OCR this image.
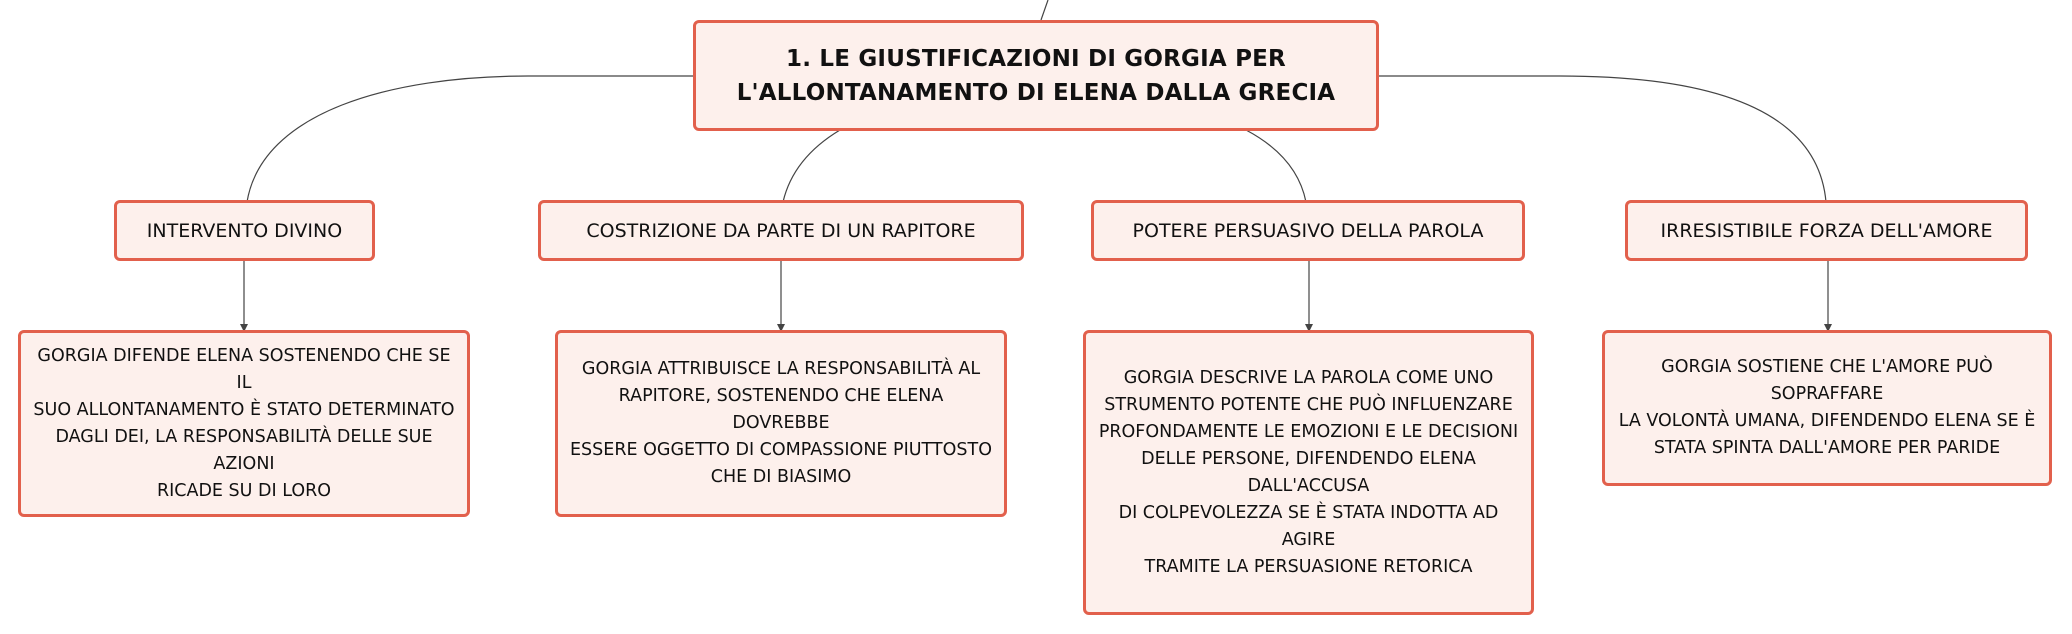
1. LE GIUSTIFICAZIONI DI GORGIA PER
L'ALLONTANAMENTO DI ELENA DALLA GRECIA
INTERVENTO DIVINO	COSTRIZIONE DA PARTE DI UN RAPITORE	POTERE PERSUASIVO DELLA PAROLA	IRRESISTIBILE FORZA DELL'AMORE
GORGIA DIFENDE ELENA SOSTENENDO CHE SE IL
SUO ALLONTANAMENTO È STATO DETERMINATO
DAGLI DEI, LA RESPONSABILITÀ DELLE SUE AZIONI
RICADE SU DI LORO
GORGIA ATTRIBUISCE LA RESPONSABILITÀ AL
RAPITORE, SOSTENENDO CHE ELENA DOVREBBE
ESSERE OGGETTO DI COMPASSIONE PIUTTOSTO
CHE DI BIASIMO
GORGIA DESCRIVE LA PAROLA COME UNO
STRUMENTO POTENTE CHE PUÒ INFLUENZARE
PROFONDAMENTE LE EMOZIONI E LE DECISIONI
DELLE PERSONE, DIFENDENDO ELENA DALL'ACCUSA
DI COLPEVOLEZZA SE È STATA INDOTTA AD AGIRE
TRAMITE LA PERSUASIONE RETORICA
GORGIA SOSTIENE CHE L'AMORE PUÒ SOPRAFFARE
LA VOLONTÀ UMANA, DIFENDENDO ELENA SE È
STATA SPINTA DALL'AMORE PER PARIDE
